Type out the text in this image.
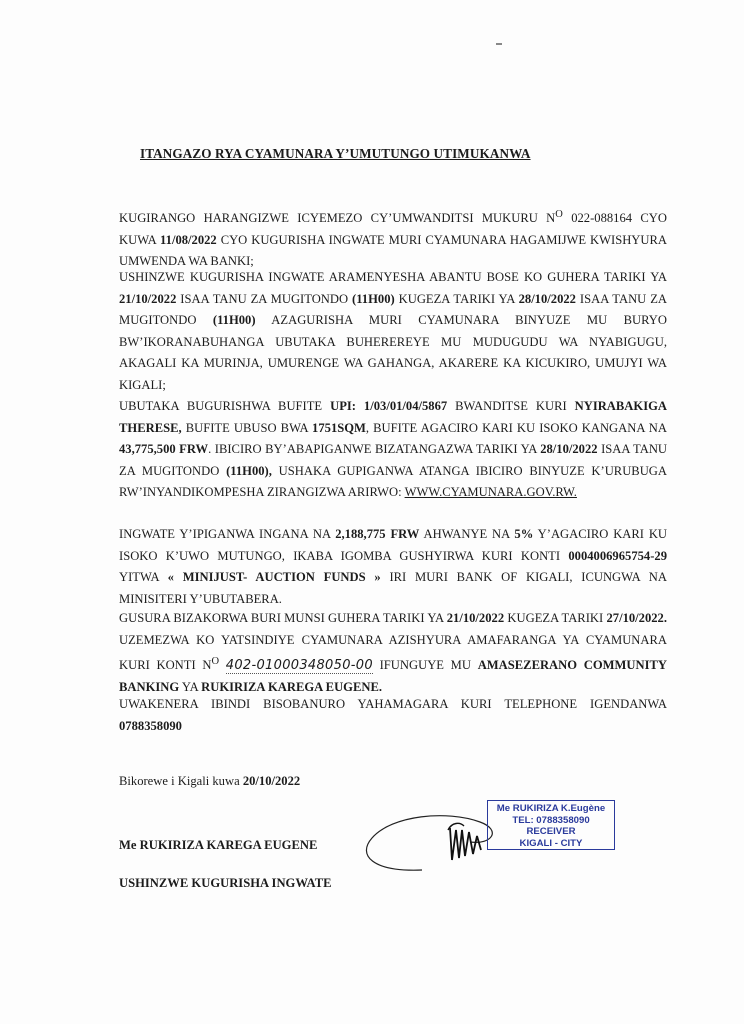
ITANGAZO RYA CYAMUNARA Y’UMUTUNGO UTIMUKANWA

KUGIRANGO HARANGIZWE ICYEMEZO CY’UMWANDITSI MUKURU $N^O$ 022-088164 CYO KUWA 11/08/2022 CYO KUGURISHA INGWATE MURI CYAMUNARA HAGAMIJWE KWISHYURA UMWENDA WA BANKI;

USHINZWE KUGURISHA INGWATE ARAMENYESHA ABANTU BOSE KO GUHERA TARIKI YA 21/10/2022 ISAA TANU ZA MUGITONDO (11H00) KUGEZA TARIKI YA 28/10/2022 ISAA TANU ZA MUGITONDO (11H00) AZAGURISHA MURI CYAMUNARA BINYUZE MU BURYO BW’IKORANABUHANGA UBUTAKA BUHEREREYE MU MUDUGUDU WA NYABIGUGU, AKAGALI KA MURINJA, UMURENGE WA GAHANGA, AKARERE KA KICUKIRO, UMUJYI WA KIGALI;

UBUTAKA BUGURISHWA BUFITE UPI: 1/03/01/04/5867 BWANDITSE KURI NYIRABAKIGA THERESE, BUFITE UBUSO BWA 1751SQM, BUFITE AGACIRO KARI KU ISOKO KANGANA NA 43,775,500 FRW. IBICIRO BY’ABAPIGANWE BIZATANGAZWA TARIKI YA 28/10/2022 ISAA TANU ZA MUGITONDO (11H00), USHAKA GUPIGANWA ATANGA IBICIRO BINYUZE K’URUBUGA RW’INYANDIKOMPESHA ZIRANGIZWA ARIRWO: WWW.CYAMUNARA.GOV.RW.

INGWATE Y’IPIGANWA INGANA NA 2,188,775 FRW AHWANYE NA 5% Y’AGACIRO KARI KU ISOKO K’UWO MUTUNGO, IKABA IGOMBA GUSHYIRWA KURI KONTI 0004006965754-29 YITWA « MINIJUST- AUCTION FUNDS » IRI MURI BANK OF KIGALI, ICUNGWA NA MINISITERI Y’UBUTABERA.

GUSURA BIZAKORWA BURI MUNSI GUHERA TARIKI YA 21/10/2022 KUGEZA TARIKI 27/10/2022. UZEMEZWA KO YATSINDIYE CYAMUNARA AZISHYURA AMAFARANGA YA CYAMUNARA KURI KONTI $N^O$ 402-01000348050-00 IFUNGUYE MU AMASEZERANO COMMUNITY BANKING YA RUKIRIZA KAREGA EUGENE.

UWAKENERA IBINDI BISOBANURO YAHAMAGARA KURI TELEPHONE IGENDANWA 0788358090

Bikorewe i Kigali kuwa 20/10/2022
Me RUKIRIZA KAREGA EUGENE
USHINZWE KUGURISHA INGWATE
Me RUKIRIZA K.Eugène
TEL: 0788358090
RECEIVER
KIGALI - CITY
